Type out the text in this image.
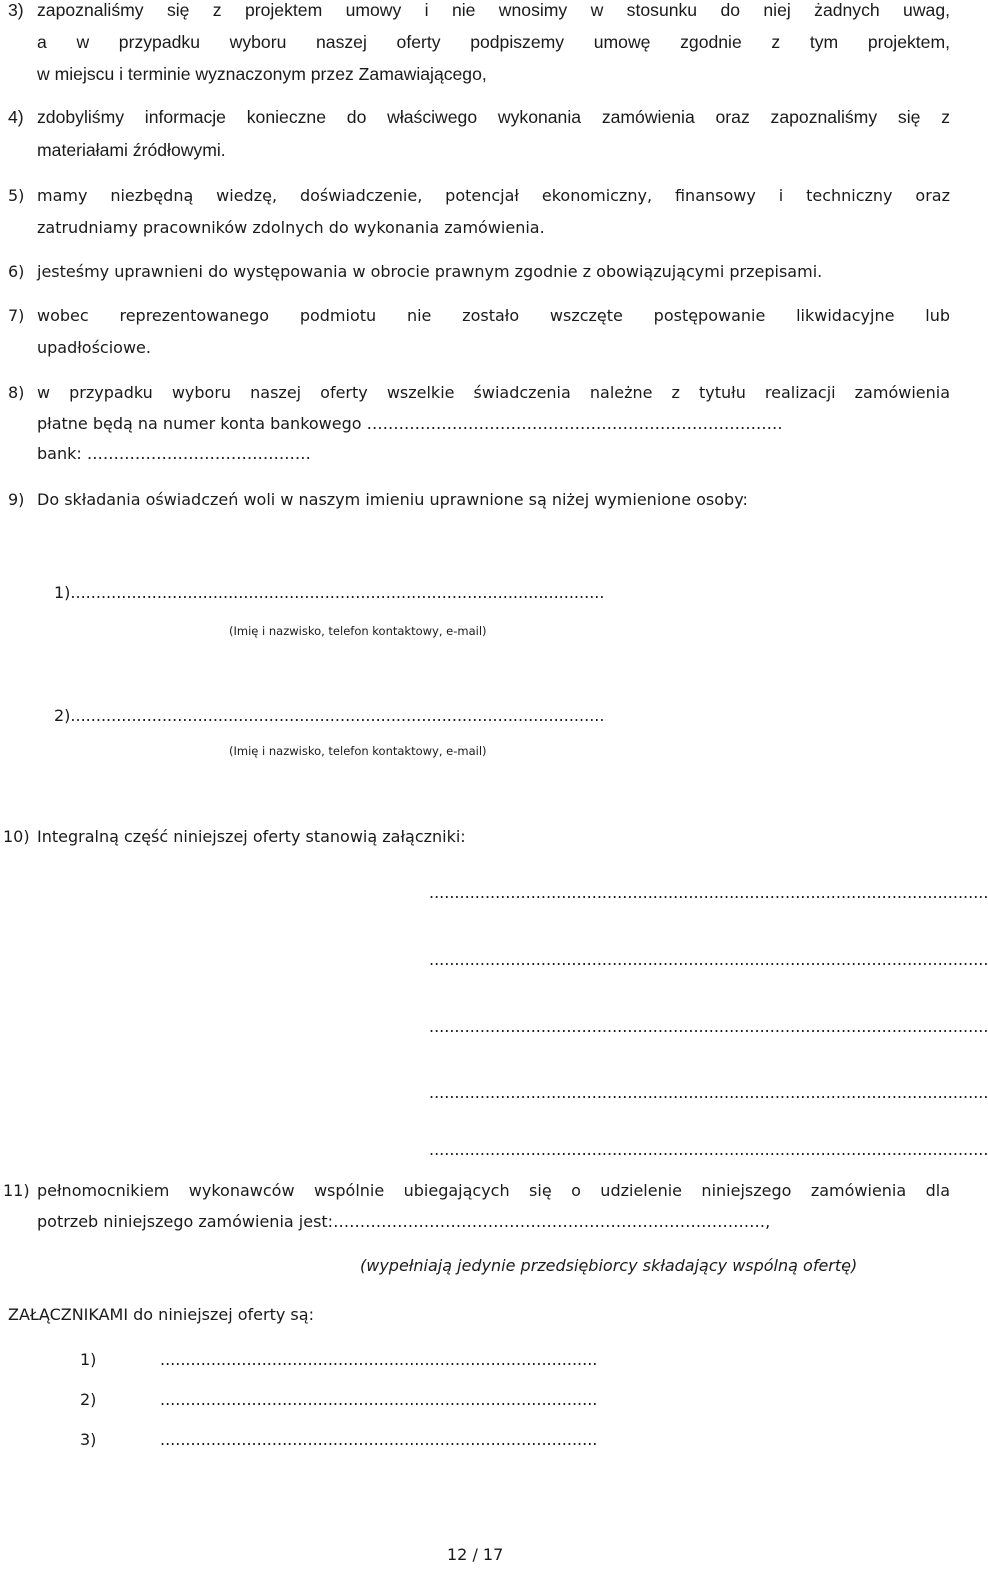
3) zapoznaliśmy się z projektem umowy i nie wnosimy w stosunku do niej żadnych uwag,
a w przypadku wyboru naszej oferty podpiszemy umowę zgodnie z tym projektem,
w miejscu i terminie wyznaczonym przez Zamawiającego,
4) zdobyliśmy informacje konieczne do właściwego wykonania zamówienia oraz zapoznaliśmy się z
materiałami źródłowymi.
5) mamy niezbędną wiedzę, doświadczenie, potencjał ekonomiczny, finansowy i techniczny oraz
zatrudniamy pracowników zdolnych do wykonania zamówienia.
6) jesteśmy uprawnieni do występowania w obrocie prawnym zgodnie z obowiązującymi przepisami.
7) wobec reprezentowanego podmiotu nie zostało wszczęte postępowanie likwidacyjne lub
upadłościowe.
8) w przypadku wyboru naszej oferty wszelkie świadczenia należne z tytułu realizacji zamówienia
płatne będą na numer konta bankowego ……………………………………………………………………
bank: ……………………………………
9) Do składania oświadczeń woli w naszym imieniu uprawnione są niżej wymienione osoby:
1).........................................................................................................
(Imię i nazwisko, telefon kontaktowy, e-mail)
2).........................................................................................................
(Imię i nazwisko, telefon kontaktowy, e-mail)
10) Integralną część niniejszej oferty stanowią załączniki:
..............................................................................................................
..............................................................................................................
..............................................................................................................
..............................................................................................................
..............................................................................................................
11) pełnomocnikiem wykonawców wspólnie ubiegających się o udzielenie niniejszego zamówienia dla
potrzeb niniejszego zamówienia jest:………………………………………………………………………,
(wypełniają jedynie przedsiębiorcy składający wspólną ofertę)
ZAŁĄCZNIKAMI do niniejszej oferty są:
1)	......................................................................................
2)	......................................................................................
3)	......................................................................................
12 / 17
